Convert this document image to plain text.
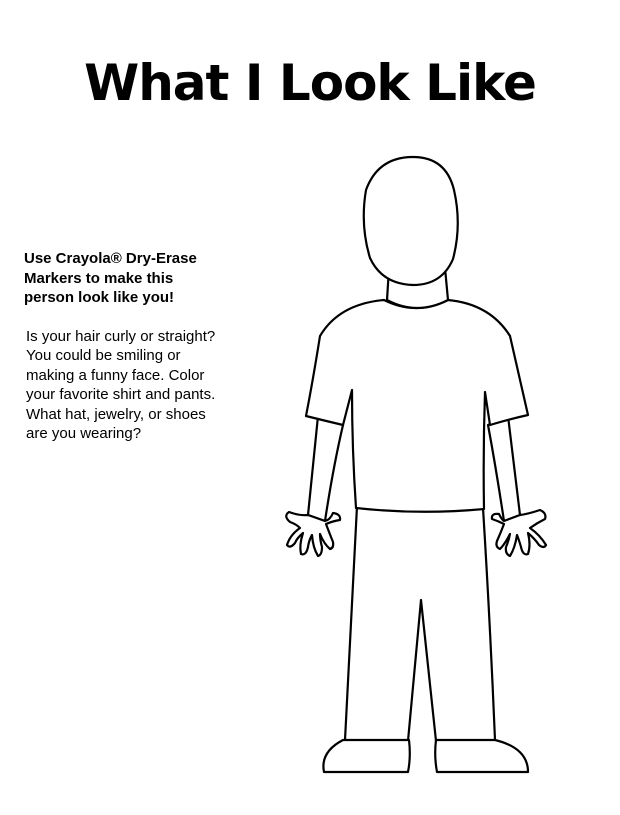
What I Look Like

Use Crayola® Dry-Erase
Markers to make this
person look like you!

Is your hair curly or straight?
You could be smiling or
making a funny face. Color
your favorite shirt and pants.
What hat, jewelry, or shoes
are you wearing?
